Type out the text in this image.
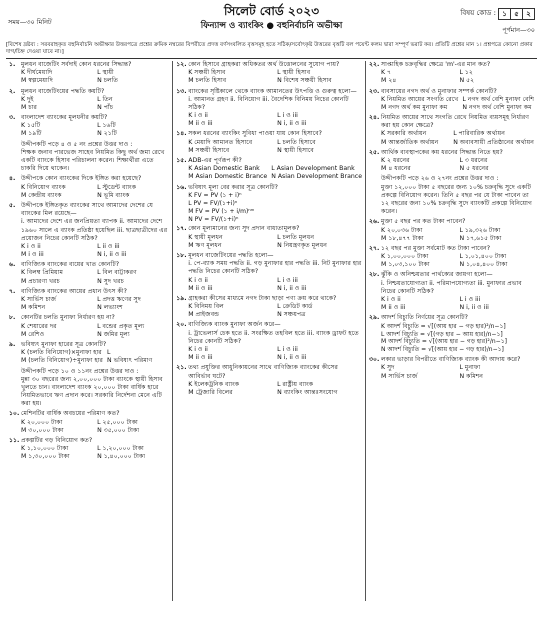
সময়—৩০ মিনিট
পূর্ণমান—৩০
সিলেট বোর্ড ২০২৩
ফিন্যান্স ও ব্যাংকিং ● বহুনির্বাচনি অভীক্ষা
বিষয় কোড : ১	৫	২
[বিশেষ দ্রষ্টব্য : সরবরাহকৃত বহুনির্বাচনি অভীক্ষার উত্তরপত্রে প্রশ্নের ক্রমিক নম্বরের বিপরীতে প্রদত্ত বর্ণসংবলিত বৃত্তসমূহ হতে সঠিক/সর্বোৎকৃষ্ট উত্তরের বৃত্তটি বল পয়েন্ট কলম দ্বারা সম্পূর্ণ ভরাট কর। প্রতিটি প্রশ্নের মান ১। প্রশ্নপত্রে কোনো প্রকার দাগ/চিহ্ন দেওয়া যাবে না।]
১. মুলধন বাজেটিং সর্বদাই কোন ধরনের সিদ্ধান্ত?
K দীর্ঘমেয়াদি	L স্থায়ী
M স্বল্পমেয়াদি	N চলতি
২. মূলধন বাজেটিংয়ের পদ্ধতি কয়টি?
K দুই	L তিন
M চার	N পাঁচ
৩. বাংলাদেশ ব্যাংকের মূলধনীর কয়টি?
K ১৫টি	L ১৬টি
M ১৯টি	N ২১টি
উদ্দীপকটি পড়ে ৪ ও ৫ নং প্রশ্নের উত্তর দাও :
শিক্ষক জনাব পারভেজ সাহেব নিয়মিত কিছু অর্থ জমা রেখে একটি ব্যাংকে হিসাব পরিচালনা করেন। শিক্ষার্থীরা এতে চাকরি দিয়ে থাকেন।
৪. উদ্দীপকে কোন ব্যাংকের দিকে ইঙ্গিত করা হয়েছে?
K বিনিয়োগ ব্যাংক	L স্টুডেন্ট ব্যাংক
M কেন্দ্রীয় ব্যাংক	N ভূমি ব্যাংক
৫. উদ্দীপকে ইঙ্গিতকৃত ব্যাংকের সাথে আমাদের দেশের যে ব্যাংকের মিল রয়েছে—
i. আমাদের দেশে এর জনপ্রিয়তা ব্যাপক ii. আমাদের দেশে ১৯৬০ সালে এ ব্যাংক প্রতিষ্ঠা হয়েছিল iii. ছাত্রছাত্রীদের এর প্রয়োজন নিচের কোনটি সঠিক?
K i ও ii	L ii ও iii
M i ও iii	N i, ii ও iii
৬. বাণিজ্যিক ব্যাংকের ব্যয়ের খাত কোনটি?
K বিলম্ব প্রিমিয়াম	L বিল বাট্টাকরণ
M প্রচারণা খরচ	N সুদ খরচ
৭. বাণিজ্যিক ব্যাংকের আয়ের প্রধান উৎস কী?
K সার্ভিস চার্জ	L প্রদত্ত ঋণের সুদ
M কমিশন	N লভ্যাংশ
৮. কোনটির চলতি মুনাফা নির্ধারণ হয় না?
K শেয়ারের দর	L বন্ডের প্রকৃত মূল্য
M রেশিও	N জমির মূল্য
৯. ভবিষ্যৎ মুনাফা হারের সূত্র কোনটি?
K (চলতি বিনিয়োগ)×মুনাফা হার L
M (চলতি বিনিয়োগ)÷মুনাফা হার N ভবিষ্যৎ পরিমাণ
উদ্দীপকটি পড়ে ১০ ও ১১নং প্রশ্নের উত্তর দাও :
মুন্না ৩০ বছরের জন্য ২,০০,০০০ টাকা ব্যাংকে স্থায়ী হিসাব খুলতে চান। বাংলাদেশ ব্যাংক ২০,০০০ টাকা বার্ষিক হারে নিয়মিতভাবে ঋণ প্রদান করে। সরকারি নির্দেশনা মেনে এটি করা হয়।
১০. মেশিনটির বার্ষিক অবচয়ের পরিমাণ কত?
K ২০,০০০ টাকা	L ২৫,০০০ টাকা
M ৩০,০০০ টাকা	N ৩৫,০০০ টাকা
১১. প্রকল্পটির গড় বিনিয়োগ কত?
K ১,১০,০০০ টাকা	L ১,২০,০০০ টাকা
M ১,৩০,০০০ টাকা	N ১,৪০,০০০ টাকা
১২. কোন হিসাবে গ্রাহকরা অধিকতর অর্থ উত্তোলনের সুযোগ পায়?
K সঞ্চয়ী হিসাব	L স্থায়ী হিসাব
M চলতি হিসাব	N বিশেষ সঞ্চয়ী হিসাব
১৩. ব্যাংকের সৃষ্টিকালে থেকে ব্যাংক আমানতের উৎপত্তি ও গুরুত্ব হলো—
i. আমানত গ্রহণ ii. বিনিয়োগ iii. বৈদেশিক বিনিময় নিচের কোনটি সঠিক?
K i ও ii	L i ও iii
M ii ও iii	N i, ii ও iii
১৪. সকল ধরনের ব্যাংকিং সুবিধা পাওয়া যায় কোন হিসাবে?
K মেয়াদি আমানত হিসাবে	L চলতি হিসাবে
M সঞ্চয়ী হিসাবে	N স্থায়ী হিসাবে
১৫. ADB-এর পূর্ণরূপ কী?
K Asian Domestic Bank	L Asian Development Bank
M Asian Domestic Brance N Asian Development Brance
১৬. ভবিষ্যৎ মূল্য বের করার সূত্র কোনটি?
K FV = PV (১ + i)ⁿ
L PV = FV/(১+i)ⁿ
M FV = PV (১ + i/m)ⁿᵐ
N PV = FV/(১+i)ⁿ
১৭. কোন মূল্যমানের জন্য সুদ প্রদান বাধ্যতামূলক?
K স্থায়ী মূলধন	L চলতি মূলধন
M ঋণ মূলধন	N নিয়ন্ত্রণকৃত মূলধন
১৮. মূলধন বাজেটিংয়ের পদ্ধতি হলো—
i. পে-ব্যাক সময় পদ্ধতি ii. গড় মুনাফার হার পদ্ধতি iii. নিট মুনাফার হার পদ্ধতি নিচের কোনটি সঠিক?
K i ও ii	L i ও iii
M ii ও iii	N i, ii ও iii
১৯. গ্রাহকরা কীসের মাধ্যমে নগদ টাকা ছাড়া পণ্য ক্রয় করে থাকে?
K বিনিময় বিল	L ক্রেডিট কার্ড
M প্রাইজবন্ড	N সঞ্চয়পত্র
২০. বাণিজ্যিক ব্যাংক মুনাফা অর্জন করে—
i. ট্রাভেলার্স চেক হতে ii. সংরক্ষিত তহবিল হতে iii. ব্যাংক ড্রাফট হতে নিচের কোনটি সঠিক?
K i ও ii	L i ও iii
M ii ও iii	N i, ii ও iii
২১. তথ্য প্রযুক্তির আধুনিকায়নের সাথে বাণিজ্যিক ব্যাংকের কীসের আবির্ভাব ঘটে?
K ইলেকট্রনিক ব্যাংক	L রাষ্ট্রীয় ব্যাংক
M ট্রেজারি বিলের	N ব্যাংকিং আন্তঃসংযোগ
২২. সাপ্তাহিক চক্রবৃদ্ধির ক্ষেত্রে 'm'-এর মান কত?
K ৭	L ১২
M ২৪	N ৫২
২৩. ব্যবসায়ের নগদ অর্থ ও মুনাফার সম্পর্ক কোনটি?
K নিয়মিত আয়ের সংগতি রেখে L নগদ অর্থ বেশি মুনাফা বেশি
M নগদ অর্থ কম মুনাফা কম	N নগদ অর্থ বেশি মুনাফা কম
২৪. নিয়মিত আয়ের সাথে সংগতি রেখে নিয়মিত ব্যয়সমূহ নির্ধারণ করা হয় কোন ক্ষেত্রে?
K সরকারি অর্থায়ন	L পারিবারিক অর্থায়ন
M আন্তর্জাতিক অর্থায়ন	N অব্যবসায়ী প্রতিষ্ঠানের অর্থায়ন
২৫. আর্থিক ব্যবস্থাপকের কয় ধরনের সিদ্ধান্ত নিতে হয়?
K ২ ধরনের	L ৩ ধরনের
M ৪ ধরনের	N ৫ ধরনের
উদ্দীপকটি পড়ে ২৬ ও ২৭নং প্রশ্নের উত্তর দাও :
মুক্তা ১২,০০০ টাকা ৫ বছরের জন্য ১০% চক্রবৃদ্ধি সুদে একটি প্রকল্পে বিনিয়োগ করেন। তিনি ৫ বছর পর যে টাকা পাবেন তা ১২ বছরের জন্য ১০% চক্রবৃদ্ধি সুদে ব্যাংকটি প্রকল্পে বিনিয়োগ করেন।
২৬. মুক্তা ৫ বছর পর কত টাকা পাবেন?
K ২০,০৩৬ টাকা	L ১৯,৩২৬ টাকা
M ১৮,৪৭৭ টাকা	N ১৭,৬১৫ টাকা
২৭. ১২ বছর পর মুক্তা সর্বমোট কত টাকা পাবেন?
K ১,০০,০০০ টাকা	L ১,০১,৪০০ টাকা
M ১,০৩,১০০ টাকা	N ১,০৪,৪০০ টাকা
২৮. ঝুঁকি ও অনিশ্চয়তার পার্থক্যের জায়গা হলো—
i. নিশ্চয়তাযোগ্যতা ii. পরিমাপযোগ্যতা iii. মুনাফার প্রভাব নিচের কোনটি সঠিক?
K i ও ii	L i ও iii
M ii ও iii	N i, ii ও iii
২৯. আদর্শ বিচ্যুতি নির্ণয়ের সূত্র কোনটি?
K আদর্শ বিচ্যুতি = √[(আয় হার − গড় হার)²/n−১]
L আদর্শ বিচ্যুতি = √[(গড় হার − আয় হার)/n−১]
M আদর্শ বিচ্যুতি = √[(আয় হার − গড় হার)²/n−১]
N আদর্শ বিচ্যুতি = √[(আয় হার − গড় হার)/n−১]
৩০. লকার ভাড়ার বিপরীতে বাণিজ্যিক ব্যাংক কী আদায় করে?
K সুদ	L মুনাফা
M সার্ভিস চার্জ	N কমিশন
